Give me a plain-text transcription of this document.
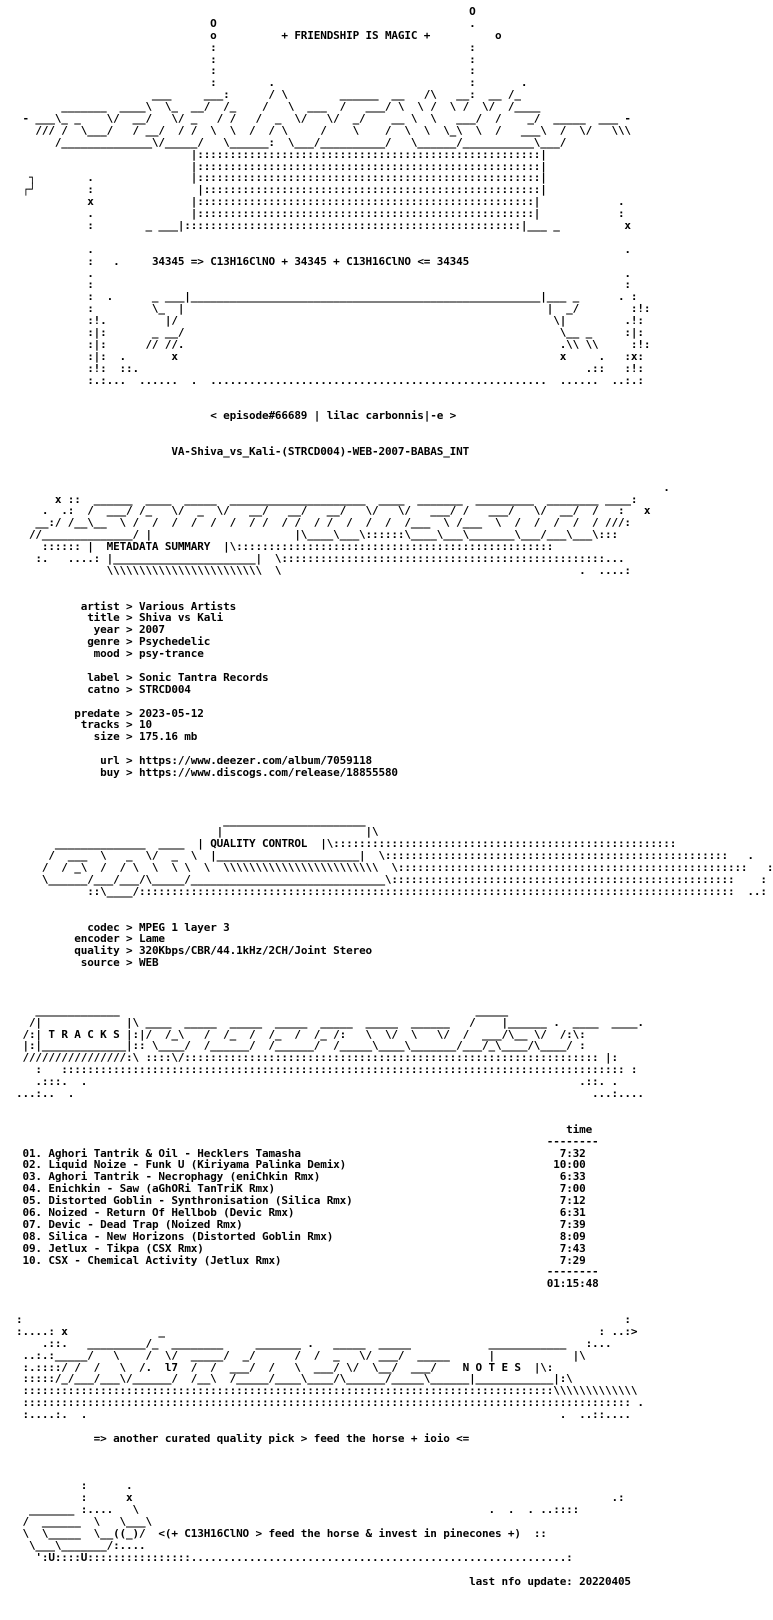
O
O                                       .
o          + FRIENDSHIP IS MAGIC +          o
:                                       :
:                                       :
:                                       :
:        .                              :       .
___     ___:      / \        ______  __   /\   __:  __ /_
_______  ____\  \_  __/  /_    /   \  ___  /   ___/ \  \ /  \ /  \/  /____
- ___\_ _    \/  __/   \/ _   / /   /  _  \/   \/  _/    __ \  \   ___/  /    _/  _____  ___ -
/// /  \___/   / __/  / /  \  \  /  / \     /    \    /  \  \  \_\  \  /   ___\  /  \/   \\\
/______________\/_____/   \______:  \___/__________/   \______/___________\___/
|:::::::::::::::::::::::::::::::::::::::::::::::::::::|
|:::::::::::::::::::::::::::::::::::::::::::::::::::::|
┐        .               |:::::::::::::::::::::::::::::::::::::::::::::::::::::|
┌┘        :                |::::::::::::::::::::::::::::::::::::::::::::::::::::|
x               |::::::::::::::::::::::::::::::::::::::::::::::::::::|            .
.               |::::::::::::::::::::::::::::::::::::::::::::::::::::|            :
:        _ ___|::::::::::::::::::::::::::::::::::::::::::::::::::::|___ _          x
.                                                                                  .
:   .     34345 => C13H16ClNO + 34345 + C13H16ClNO <= 34345
.                                                                                  .
:                                                                                  :
:  .      _ ___|______________________________________________________|___ _      . :
:         \_  |                                                        |  _/        :!:
:!.         |/                                                          \|         .!:
:|:       _ __/                                                          \__ _     :|:
:|:      // //.                                                          .\\ \\     :!:
:|:  .       x                                                           x     .   :x:
:!:  ::.                                                                     .::   :!:
:.:...  ......  .  ....................................................  ......  ..:.:
< episode#66689 | lilac carbonnis|-e >
VA-Shiva_vs_Kali-(STRCD004)-WEB-2007-BABAS_INT
.
x ::  ______  ____  _____  _____________________  ____  _______  _________  ________ ____:
.  .:  /  ___/ /_   \/  _  \/   __/   __/   __/   \/   \/   ___/ /   ___/   \/  __/  /   :   x
__:/ /__\__  \ /  /  /  /  /  /  / /  / /  / /  /  /  /  /___  \ /___  \  /  /  /  /  / ///:
//______________/ |                      |\____\___\::::::\____\___\_______\___/___\___\:::
:::::: |  METADATA SUMMARY  |\:::::::::::::::::::::::::::::::::::::::::::::::::
:.   ....: |______________________|  \::::::::::::::::::::::::::::::::::::::::::::::::::...
\\\\\\\\\\\\\\\\\\\\\\\\  \                                              .  ....:
artist > Various Artists
title > Shiva vs Kali
year > 2007
genre > Psychedelic
mood > psy-trance
label > Sonic Tantra Records
catno > STRCD004
predate > 2023-05-12
tracks > 10
size > 175.16 mb
url > https://www.deezer.com/album/7059118
buy > https://www.discogs.com/release/18855580
______________________
|                      |\
______________  ____  | QUALITY CONTROL  |\:::::::::::::::::::::::::::::::::::::::::::::::::::::
/  ___  \   _  \/  _  \  |______________________|  \:::::::::::::::::::::::::::::::::::::::::::::::::::::   .
/  / _\  /  / \  \  \ \  \  \\\\\\\\\\\\\\\\\\\\\\\\  \::::::::::::::::::::::::::::::::::::::::::::::::::::::   :
\______/___/___/\_____/______________________________\:::::::::::::::::::::::::::::::::::::::::::::::::::::    :
::\____/::::::::::::::::::::::::::::::::::::::::::::::::::::::::::::::::::::::::::::::::::::::::::::  ..:
codec > MPEG 1 layer 3
encoder > Lame
quality > 320Kbps/CBR/44.1kHz/2CH/Joint Stereo
source > WEB
_____________                                                       _____
/|             |\ ____  _____  _____  _____  _____  _____  ______   /    |______ .  ____  ____.
/:| T R A C K S |:|/  /_\   /  /_  /  /_  /  /_ /:   \  \/  \   \/  /  ___/\__ \/  /:\:
|:|_____________|:: \____/  /______/  /______/  /_____\____\_______/___/_\____/\____/ :
////////////////:\ ::::\/:::::::::::::::::::::::::::::::::::::::::::::::::::::::::::::::: |:
:   ::::::::::::::::::::::::::::::::::::::::::::::::::::::::::::::::::::::::::::::::::::::: :
.:::.  .                                                                            .::. .
...:..  .                                                                                ...:....
time
--------
01. Aghori Tantrik & Oil - Hecklers Tamasha	7:32
02. Liquid Noize - Funk U (Kiriyama Palinka Demix)	10:00
03. Aghori Tantrik - Necrophagy (eniChkin Rmx)	6:33
04. Enichkin - Saw (aGhORi TanTriK Rmx)	7:00
05. Distorted Goblin - Synthronisation (Silica Rmx)	7:12
06. Noized - Return Of Hellbob (Devic Rmx)	6:31
07. Devic - Dead Trap (Noized Rmx)	7:39
08. Silica - New Horizons (Distorted Goblin Rmx)	8:09
09. Jetlux - Tikpa (CSX Rmx)	7:43
10. CSX - Chemical Activity (Jetlux Rmx)	7:29
--------
01:15:48
:                                                                                             :
:....: x              _                                                                   : ..:>
.::.   _________/_  ________     _______ .   _____  _____            ____________   :...
..:.:_____/   \    /  \/  _____/  _/      /  /  _   \/ ___/  _____      |            |\
:.::::/ /  /   \  /.  l7  /  /  ___/  /   \  ___/ \/  \__/  ___/    N O T E S  |\:
:::::/_/___/___\/______/  /__\  /_____/____\____/\______/_____\______|____________|:\
::::::::::::::::::::::::::::::::::::::::::::::::::::::::::::::::::::::::::::::::::\\\\\\\\\\\\\
:::::::::::::::::::::::::::::::::::::::::::::::::::::::::::::::::::::::::::::::::::::::::::::: .
:....:.  .                                                                         .  ..::....
=> another curated quality pick > feed the horse + ioio <=
:      .
:      x                                                                          .:
_______ :....   \                                                      .  .  . ..::::
/  ______  \   \___\
\  \_____  \__((_)/  <(+ C13H16ClNO > feed the horse & invest in pinecones +)  ::
\___\_______/:....
':U::::U::::::::::::::::..........................................................:
last nfo update: 20220405
